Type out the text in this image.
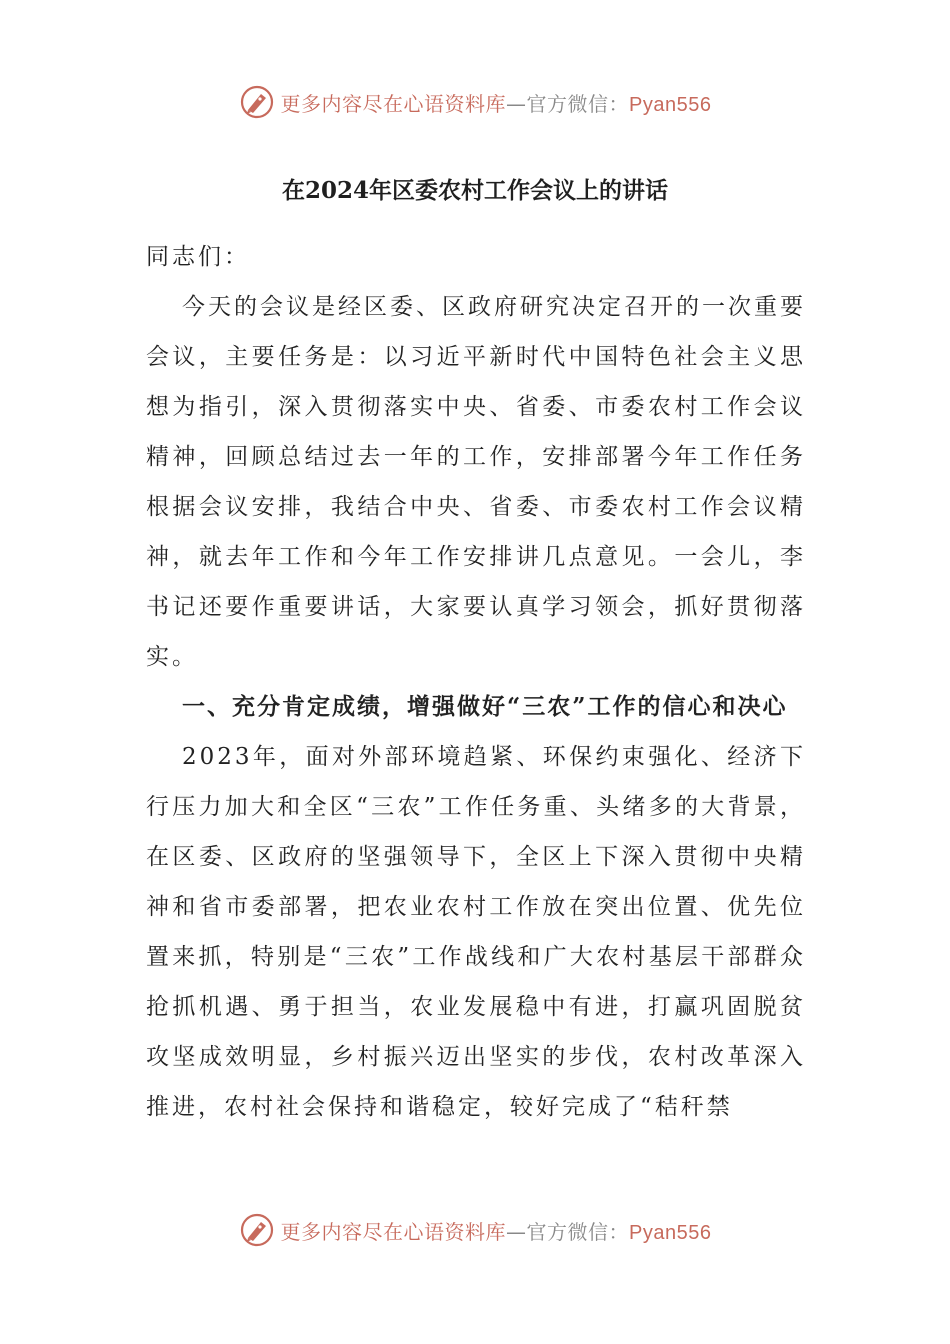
更多内容尽在心语资料库—官方微信：Pyan556
在2024年区委农村工作会议上的讲话

同志们：

今天的会议是经区委、区政府研究决定召开的一次重要会议，主要任务是：以习近平新时代中国特色社会主义思想为指引，深入贯彻落实中央、省委、市委农村工作会议精神，回顾总结过去一年的工作，安排部署今年工作任务根据会议安排，我结合中央、省委、市委农村工作会议精神，就去年工作和今年工作安排讲几点意见。一会儿，李书记还要作重要讲话，大家要认真学习领会，抓好贯彻落实。

一、充分肯定成绩，增强做好“三农”工作的信心和决心

2023年，面对外部环境趋紧、环保约束强化、经济下行压力加大和全区“三农”工作任务重、头绪多的大背景，在区委、区政府的坚强领导下，全区上下深入贯彻中央精神和省市委部署，把农业农村工作放在突出位置、优先位置来抓，特别是“三农”工作战线和广大农村基层干部群众抢抓机遇、勇于担当，农业发展稳中有进，打赢巩固脱贫攻坚成效明显，乡村振兴迈出坚实的步伐，农村改革深入推进，农村社会保持和谐稳定，较好完成了“秸秆禁

更多内容尽在心语资料库—官方微信：Pyan556
